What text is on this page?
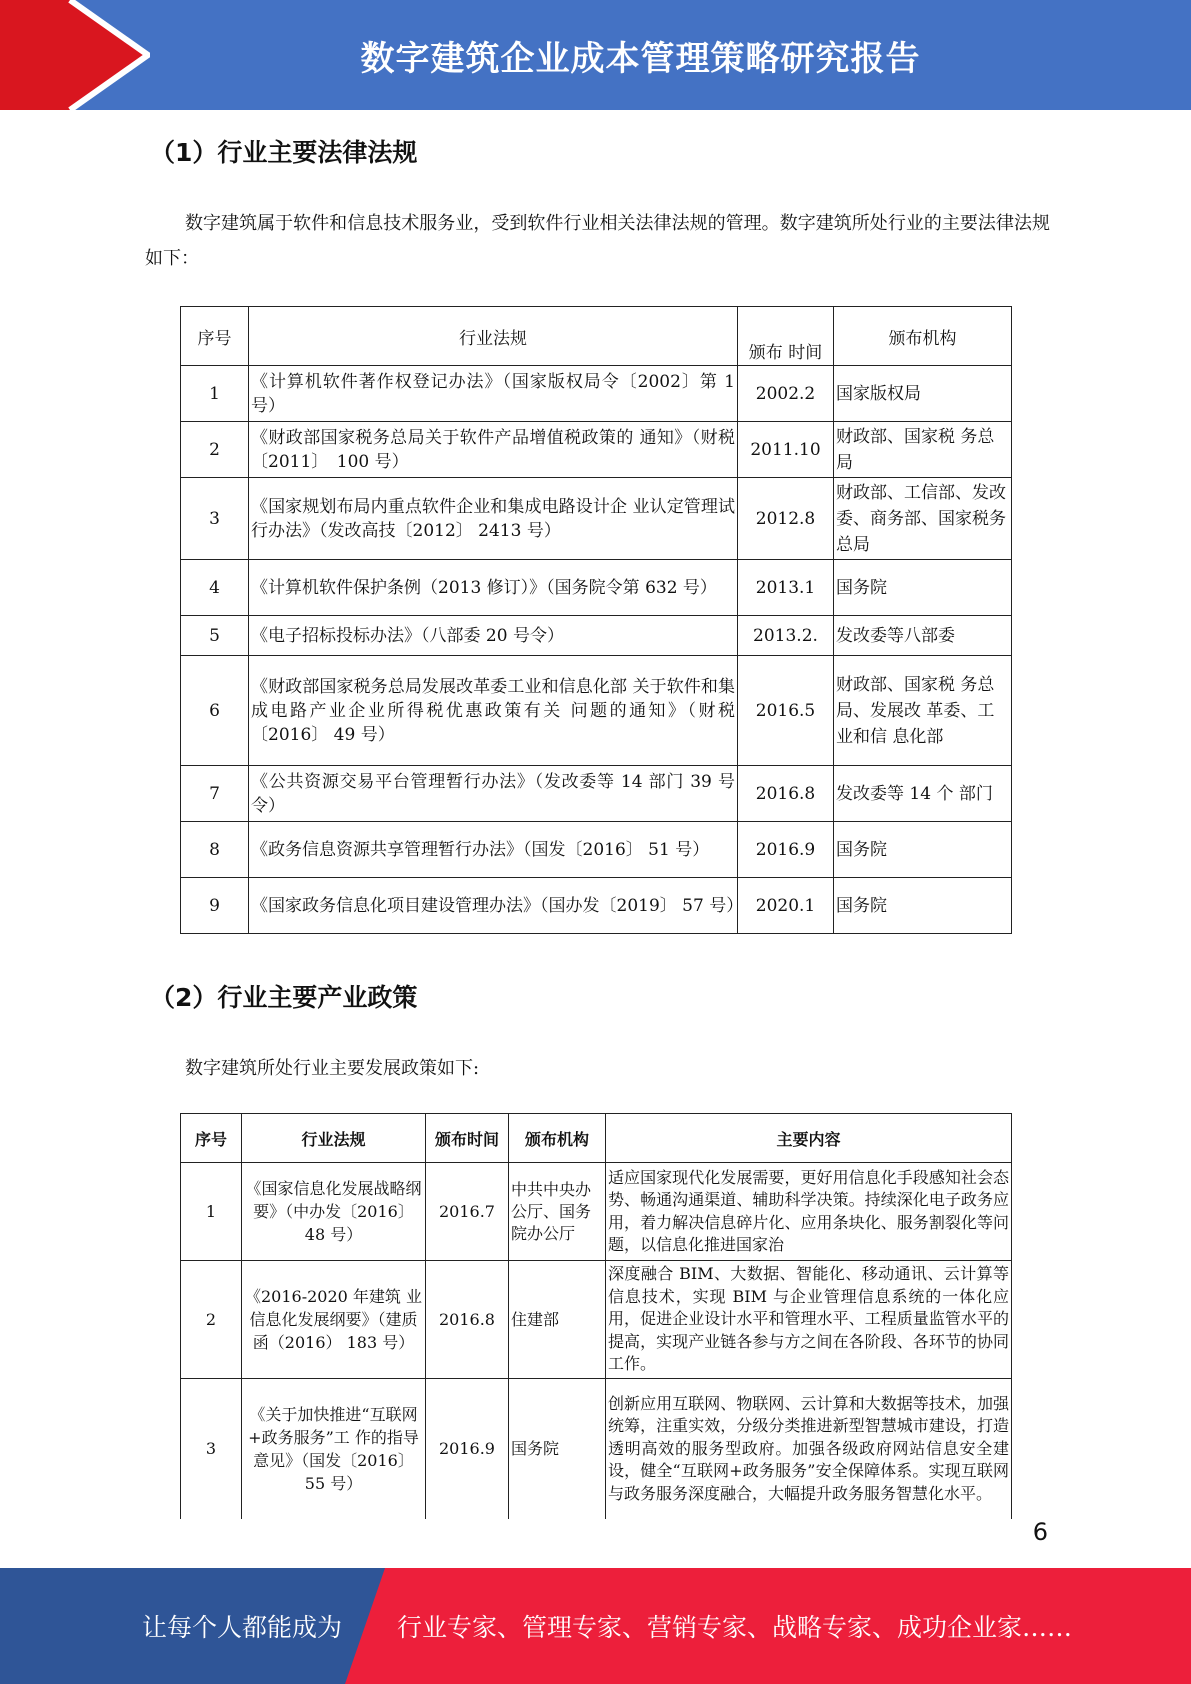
数字建筑企业成本管理策略研究报告
（1）行业主要法律法规
数字建筑属于软件和信息技术服务业，受到软件行业相关法律法规的管理。数字建筑所处行业的主要法律法规如下：
序号	行业法规	颁布 时间	颁布机构
1	《计算机软件著作权登记办法》（国家版权局令〔2002〕第 1 号）	2002.2	国家版权局
2	《财政部国家税务总局关于软件产品增值税政策的 通知》（财税〔2011〕　100 号）	2011.10	财政部、国家税 务总局
3	《国家规划布局内重点软件企业和集成电路设计企 业认定管理试行办法》（发改高技〔2012〕 2413 号）	2012.8	财政部、工信部、发改委、商务部、国家税务总局
4	《计算机软件保护条例（2013 修订）》（国务院令第 632 号）	2013.1	国务院
5	《电子招标投标办法》（八部委 20 号令）	2013.2.	发改委等八部委
6	《财政部国家税务总局发展改革委工业和信息化部 关于软件和集成电路产业企业所得税优惠政策有关 问题的通知》（财税〔2016〕 49 号）	2016.5	财政部、国家税 务总局、发展改 革委、工业和信 息化部
7	《公共资源交易平台管理暂行办法》（发改委等 14 部门 39 号令）	2016.8	发改委等 14 个 部门
8	《政务信息资源共享管理暂行办法》（国发〔2016〕 51 号）	2016.9	国务院
9	《国家政务信息化项目建设管理办法》（国办发〔2019〕 57 号）	2020.1	国务院
（2）行业主要产业政策
数字建筑所处行业主要发展政策如下:
序号	行业法规	颁布时间	颁布机构	主要内容
1	《国家信息化发展战略纲要》（中办发〔2016〕 48 号）	2016.7	中共中央办公厅、国务院办公厅	适应国家现代化发展需要，更好用信息化手段感知社会态势、畅通沟通渠道、辅助科学决策。持续深化电子政务应用，着力解决信息碎片化、应用条块化、服务割裂化等问题，以信息化推进国家治
2	《2016-2020 年建筑 业信息化发展纲要》（建质函（2016） 183 号）	2016.8	住建部	深度融合 BIM、大数据、智能化、移动通讯、云计算等信息技术，实现 BIM 与企业管理信息系统的一体化应用，促进企业设计水平和管理水平、工程质量监管水平的提高，实现产业链各参与方之间在各阶段、各环节的协同工作。
3	《关于加快推进“互联网+政务服务”工 作的指导意见》（国发〔2016〕 55 号）	2016.9	国务院	创新应用互联网、物联网、云计算和大数据等技术，加强统筹，注重实效，分级分类推进新型智慧城市建设，打造透明高效的服务型政府。加强各级政府网站信息安全建设，健全“互联网+政务服务”安全保障体系。实现互联网与政务服务深度融合，大幅提升政务服务智慧化水平。
6
让每个人都能成为 行业专家、管理专家、营销专家、战略专家、成功企业家……
